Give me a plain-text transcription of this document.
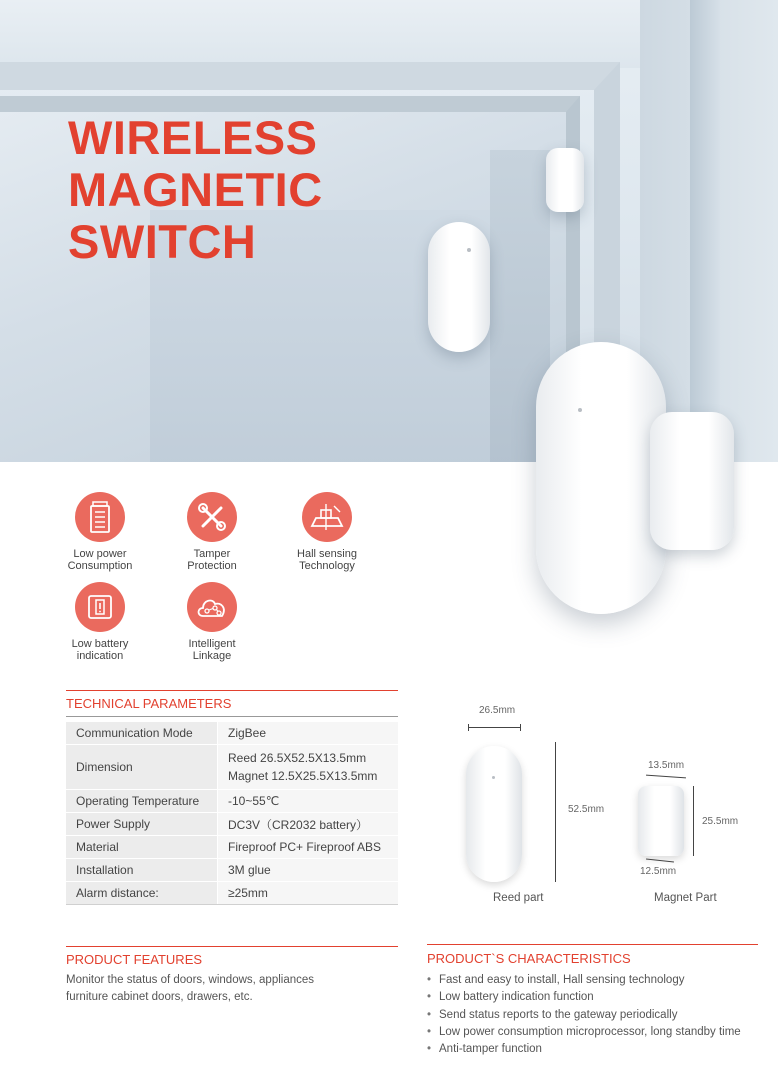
WIRELESS
MAGNETIC
SWITCH
Low power
Consumption
Tamper
Protection
Hall sensing
Technology
Low battery
indication
Intelligent
Linkage
TECHNICAL PARAMETERS
Communication Mode	ZigBee
Dimension	Reed 26.5X52.5X13.5mm
Magnet 12.5X25.5X13.5mm
Operating Temperature	-10~55℃
Power Supply	DC3V（CR2032 battery）
Material	Fireproof PC+ Fireproof ABS
Installation	3M glue
Alarm distance:	≥25mm
26.5mm
52.5mm
Reed part
13.5mm
25.5mm
12.5mm
Magnet Part
PRODUCT FEATURES
Monitor the status of doors, windows, appliances
furniture cabinet doors, drawers, etc.
PRODUCT`S CHARACTERISTICS
• Fast and easy to install, Hall sensing technology
• Low battery indication function
• Send status reports to the gateway periodically
• Low power consumption microprocessor, long standby time
• Anti-tamper function
